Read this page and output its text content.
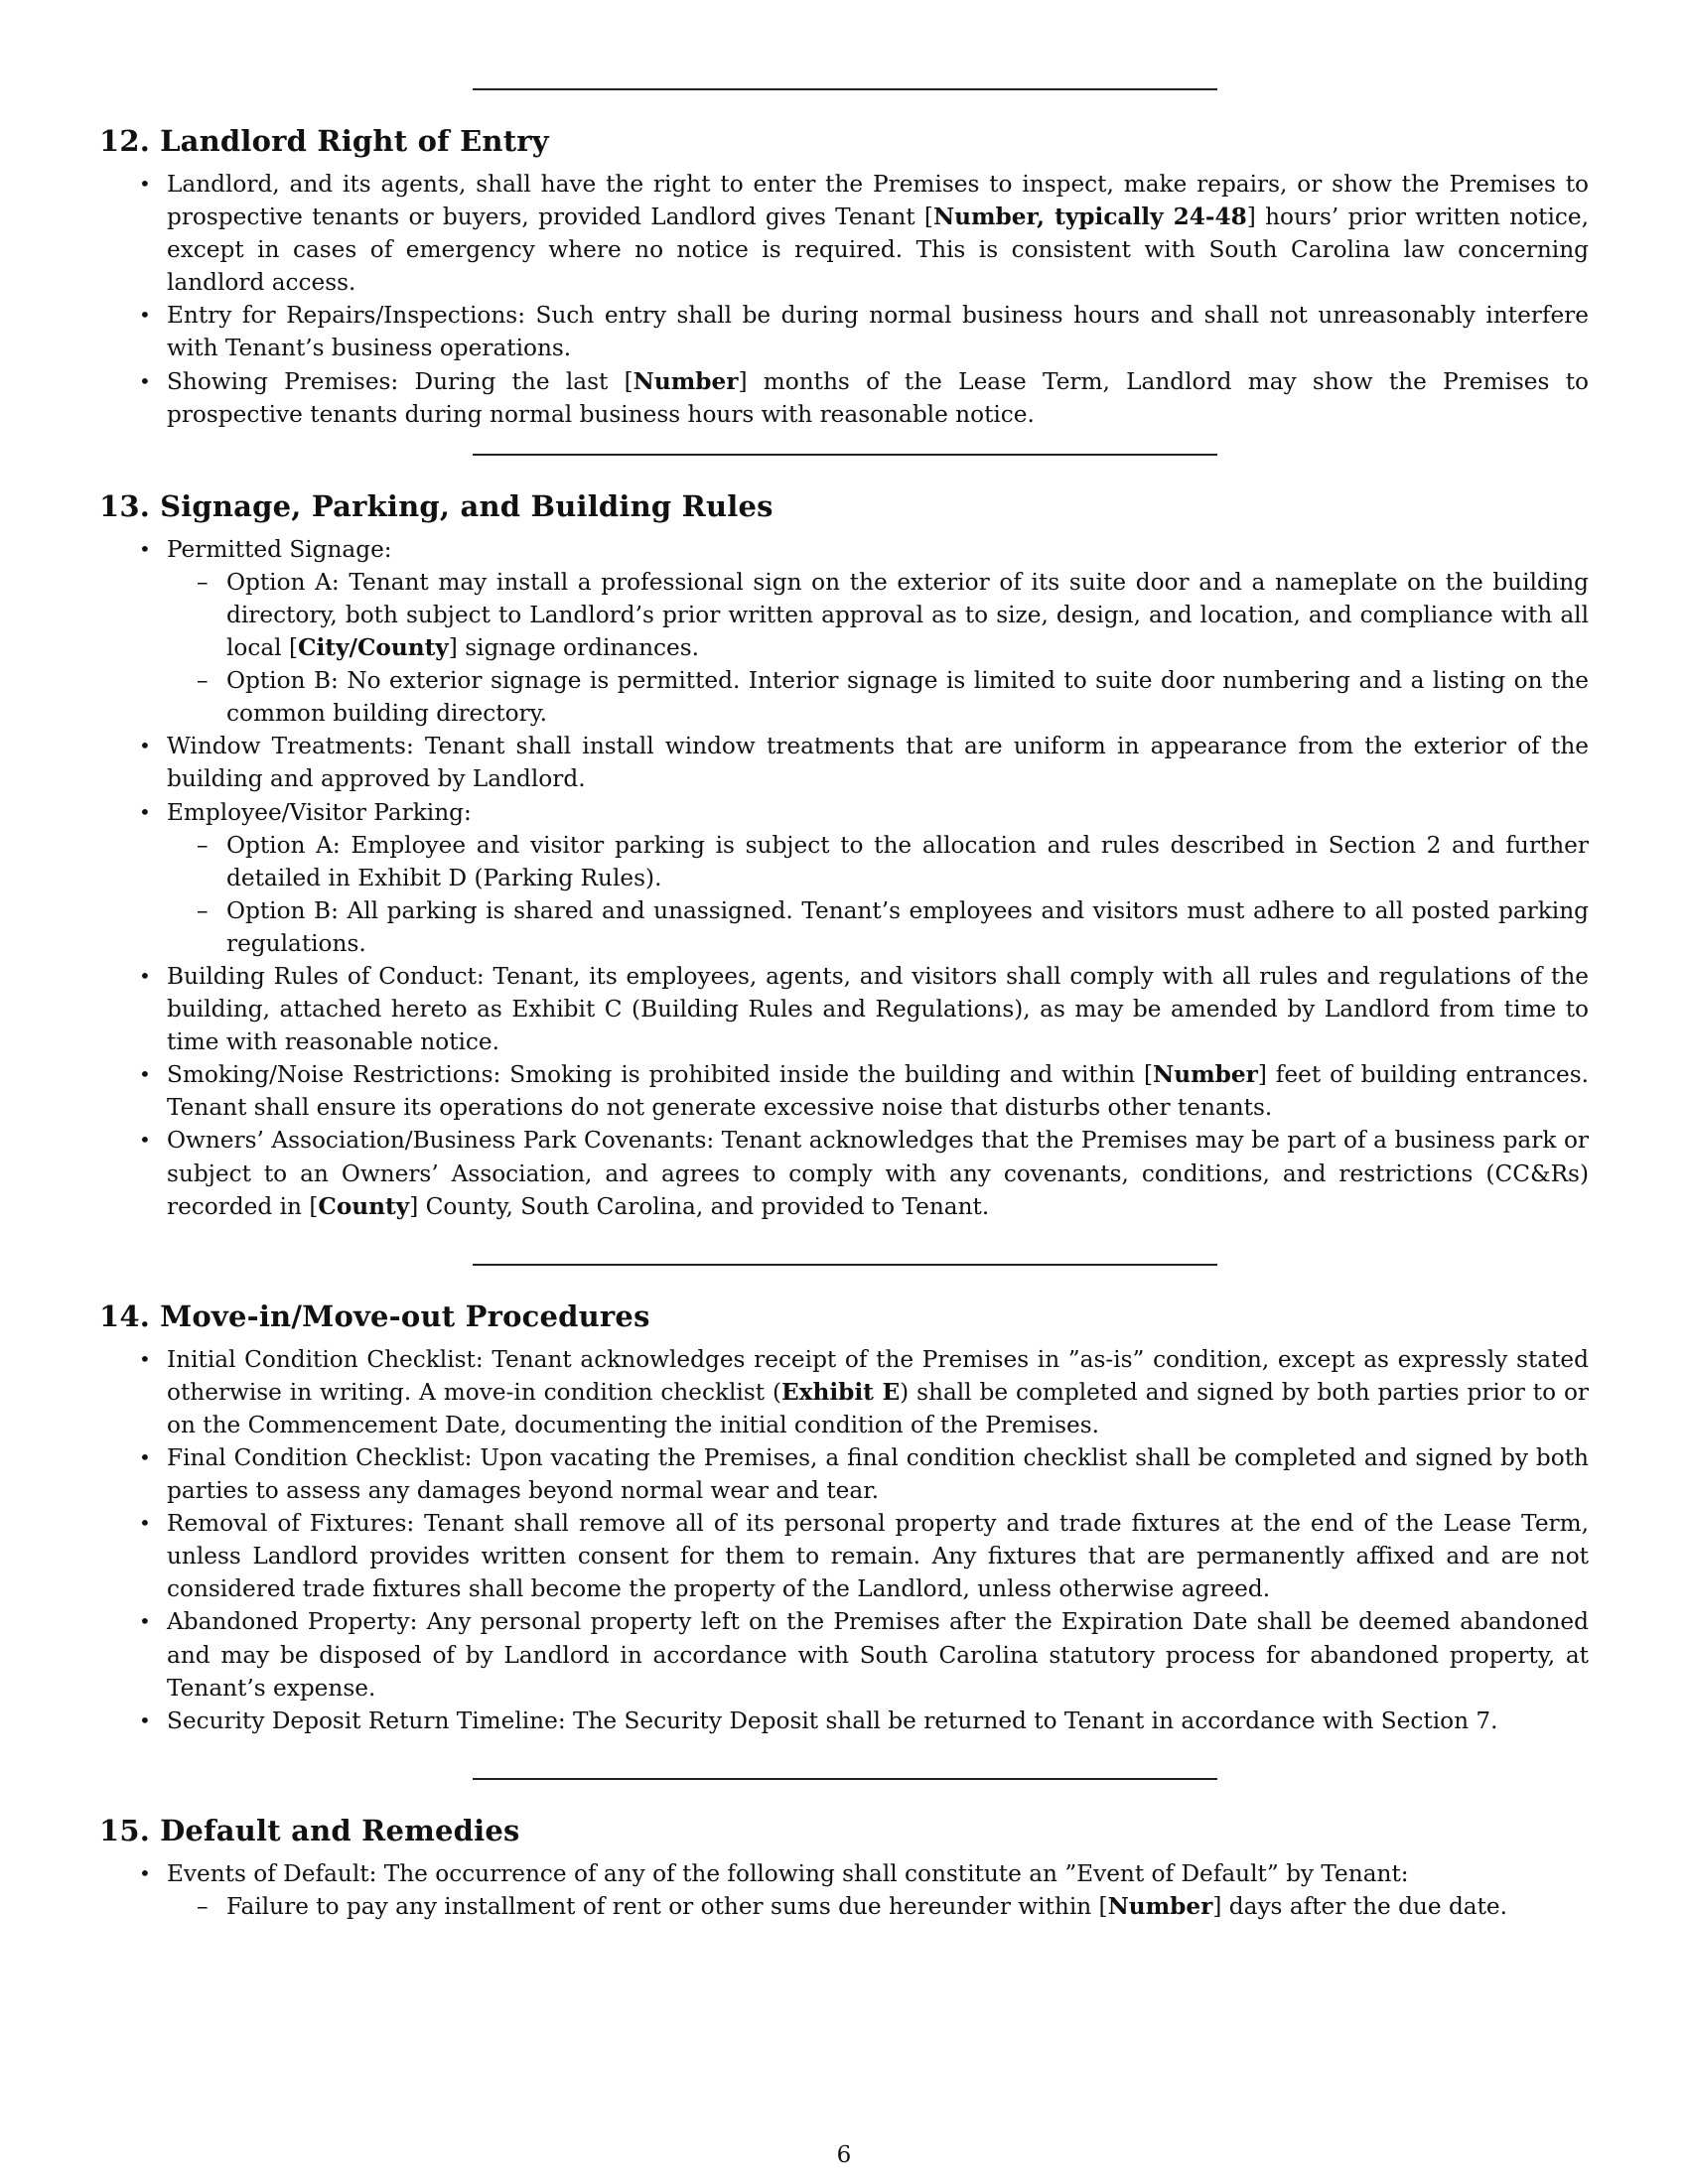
12. Landlord Right of Entry
• Landlord, and its agents, shall have the right to enter the Premises to inspect, make repairs, or show the Premises to prospective tenants or buyers, provided Landlord gives Tenant [Number, typically 24-48] hours’ prior written notice, except in cases of emergency where no notice is required. This is consistent with South Carolina law concerning landlord access.
• Entry for Repairs/Inspections: Such entry shall be during normal business hours and shall not unreasonably interfere with Tenant’s business operations.
• Showing Premises: During the last [Number] months of the Lease Term, Landlord may show the Premises to prospective tenants during normal business hours with reasonable notice.
13. Signage, Parking, and Building Rules
• Permitted Signage:
– Option A: Tenant may install a professional sign on the exterior of its suite door and a nameplate on the building directory, both subject to Landlord’s prior written approval as to size, design, and location, and compliance with all local [City/County] signage ordinances.
– Option B: No exterior signage is permitted. Interior signage is limited to suite door numbering and a listing on the common building directory.
• Window Treatments: Tenant shall install window treatments that are uniform in appearance from the exterior of the building and approved by Landlord.
• Employee/Visitor Parking:
– Option A: Employee and visitor parking is subject to the allocation and rules described in Section 2 and further detailed in Exhibit D (Parking Rules).
– Option B: All parking is shared and unassigned. Tenant’s employees and visitors must adhere to all posted parking regulations.
• Building Rules of Conduct: Tenant, its employees, agents, and visitors shall comply with all rules and regulations of the building, attached hereto as Exhibit C (Building Rules and Regulations), as may be amended by Landlord from time to time with reasonable notice.
• Smoking/Noise Restrictions: Smoking is prohibited inside the building and within [Number] feet of building entrances. Tenant shall ensure its operations do not generate excessive noise that disturbs other tenants.
• Owners’ Association/Business Park Covenants: Tenant acknowledges that the Premises may be part of a business park or subject to an Owners’ Association, and agrees to comply with any covenants, conditions, and restrictions (CC&Rs) recorded in [County] County, South Carolina, and provided to Tenant.
14. Move-in/Move-out Procedures
• Initial Condition Checklist: Tenant acknowledges receipt of the Premises in ”as-is” condition, except as expressly stated otherwise in writing. A move-in condition checklist (Exhibit E) shall be completed and signed by both parties prior to or on the Commencement Date, documenting the initial condition of the Premises.
• Final Condition Checklist: Upon vacating the Premises, a final condition checklist shall be completed and signed by both parties to assess any damages beyond normal wear and tear.
• Removal of Fixtures: Tenant shall remove all of its personal property and trade fixtures at the end of the Lease Term, unless Landlord provides written consent for them to remain. Any fixtures that are permanently affixed and are not considered trade fixtures shall become the property of the Landlord, unless otherwise agreed.
• Abandoned Property: Any personal property left on the Premises after the Expiration Date shall be deemed abandoned and may be disposed of by Landlord in accordance with South Carolina statutory process for abandoned property, at Tenant’s expense.
• Security Deposit Return Timeline: The Security Deposit shall be returned to Tenant in accordance with Section 7.
15. Default and Remedies
• Events of Default: The occurrence of any of the following shall constitute an ”Event of Default” by Tenant:
– Failure to pay any installment of rent or other sums due hereunder within [Number] days after the due date.
6
